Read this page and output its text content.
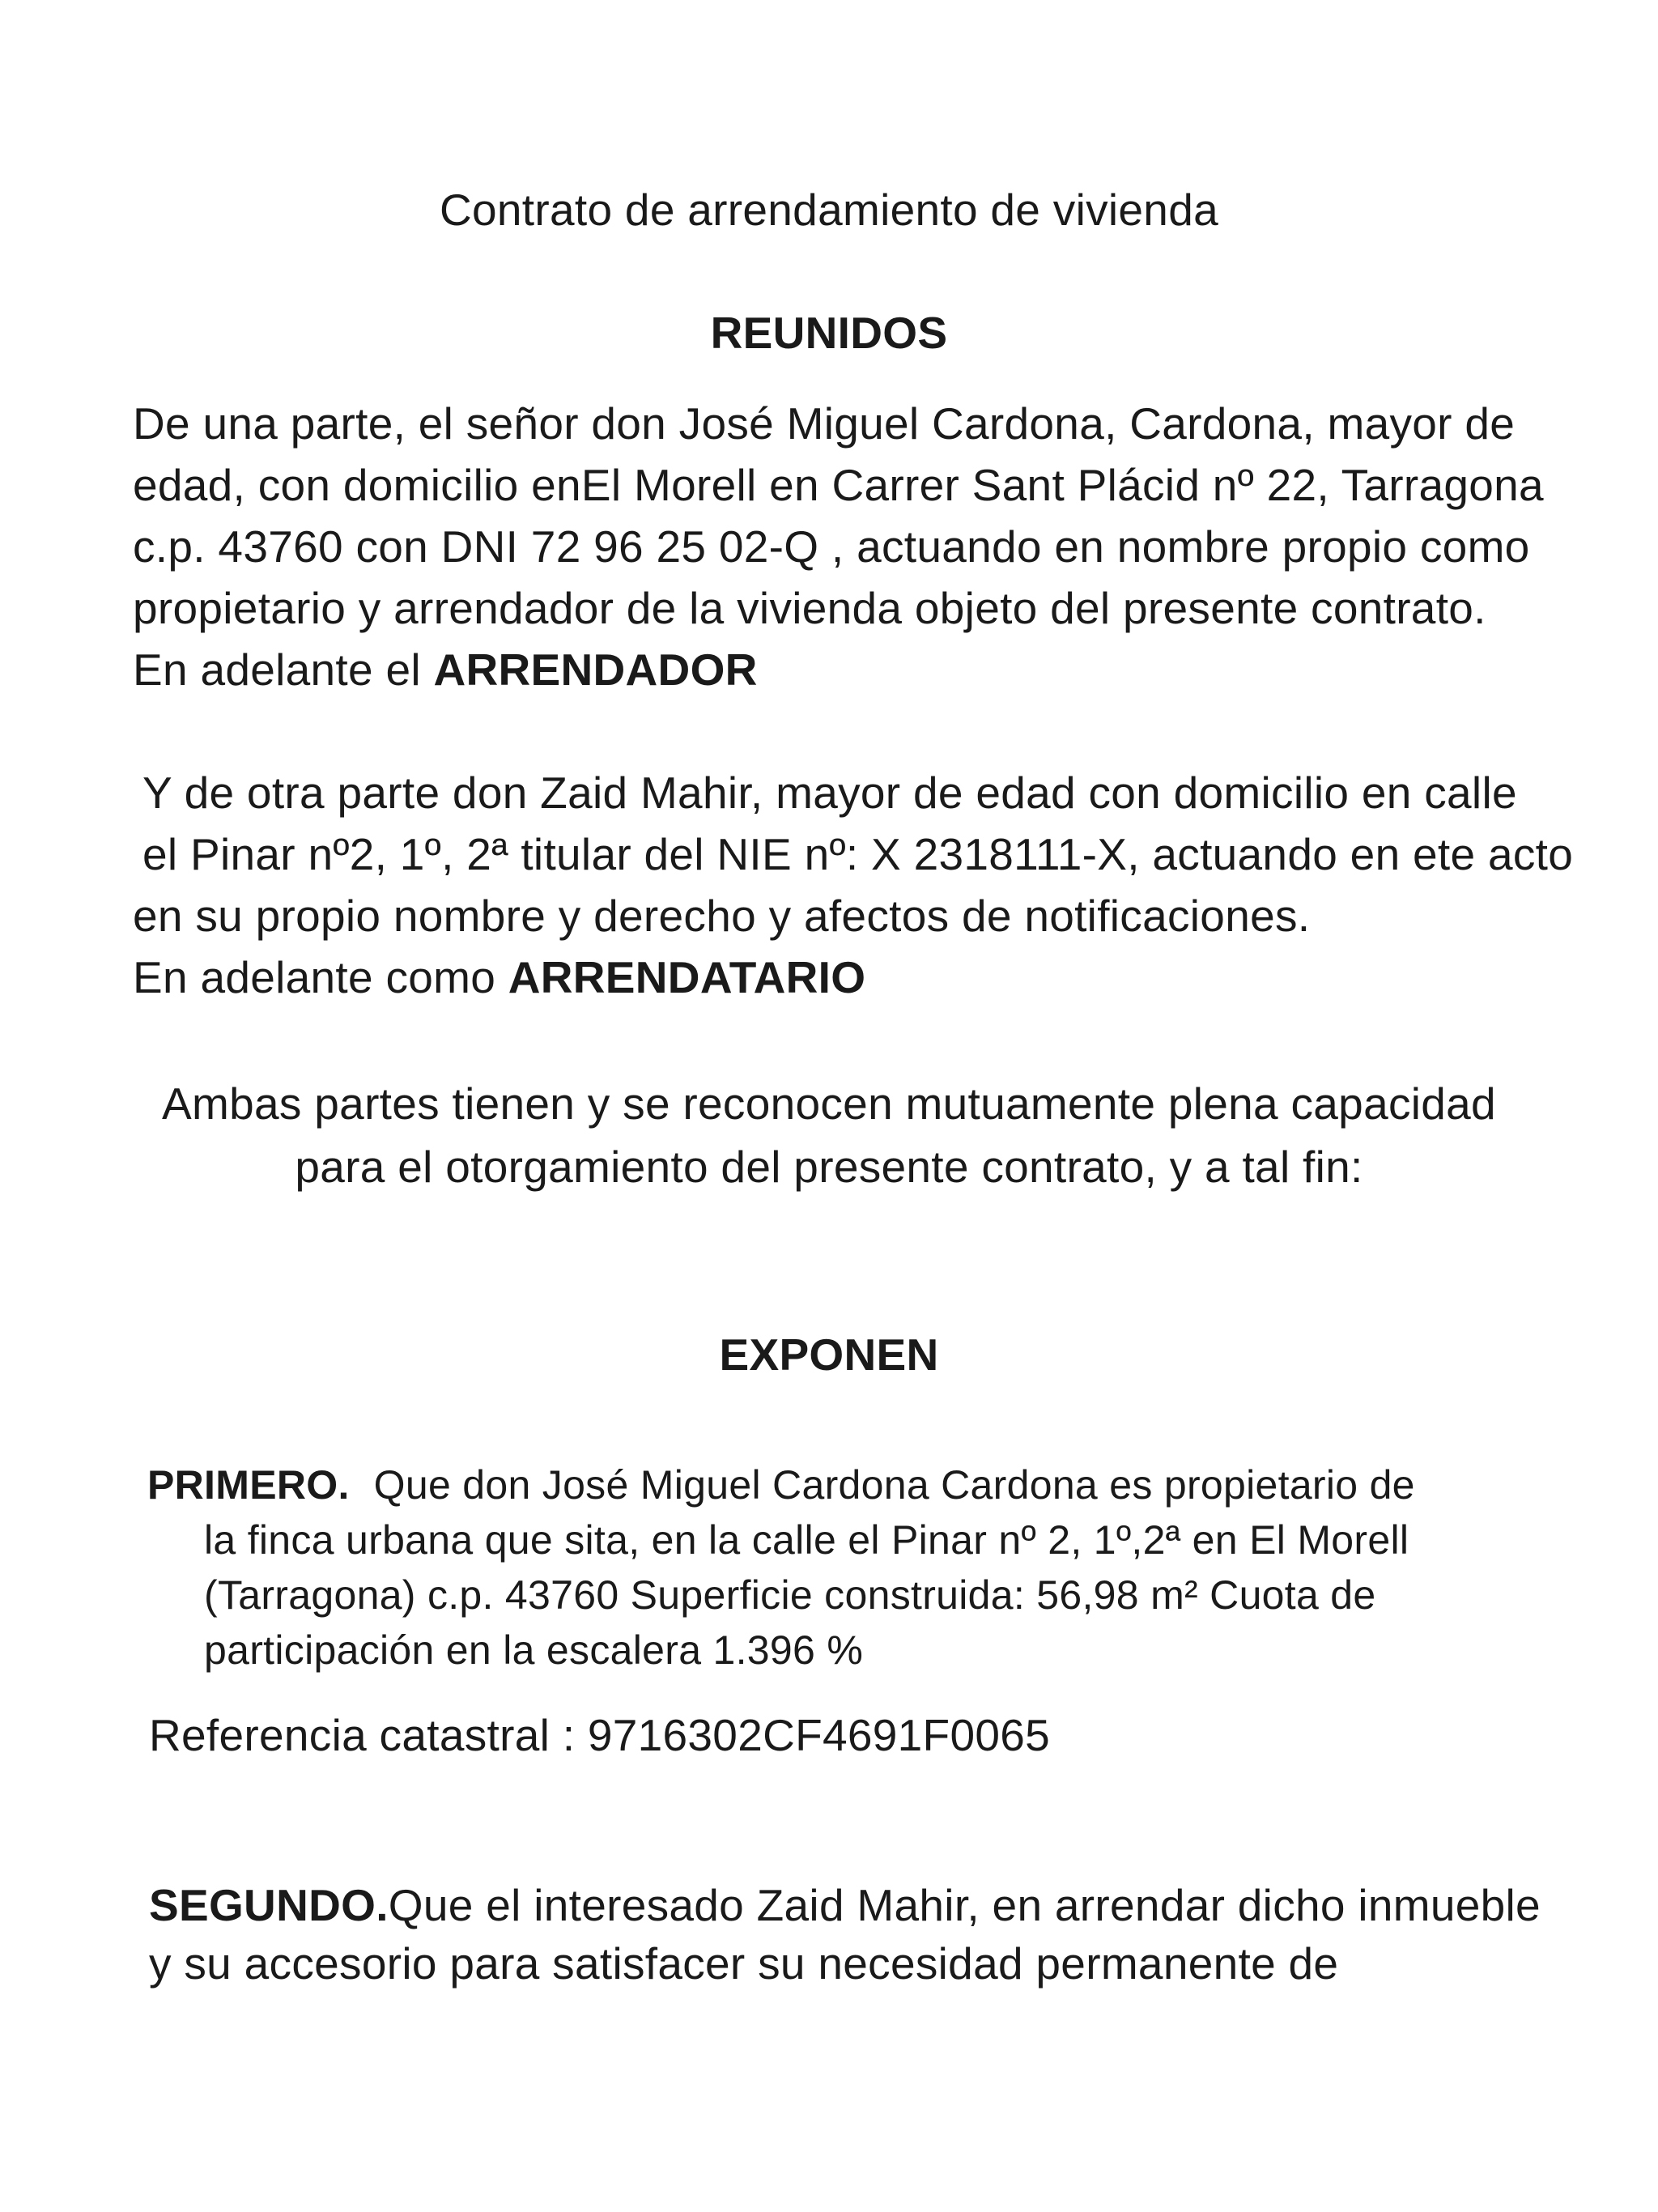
Contrato de arrendamiento de vivienda
REUNIDOS
De una parte, el señor don José Miguel Cardona, Cardona, mayor de
edad, con domicilio enEl Morell en Carrer Sant Plácid nº 22, Tarragona
c.p. 43760 con DNI 72 96 25 02-Q , actuando en nombre propio como
propietario y arrendador de la vivienda objeto del presente contrato.
En adelante el ARRENDADOR
Y de otra parte don Zaid Mahir, mayor de edad con domicilio en calle
el Pinar nº2, 1º, 2ª titular del NIE nº: X 2318111-X, actuando en ete acto
en su propio nombre y derecho y afectos de notificaciones.
En adelante como ARRENDATARIO
Ambas partes tienen y se reconocen mutuamente plena capacidad
para el otorgamiento del presente contrato, y a tal fin:
EXPONEN
PRIMERO. Que don José Miguel Cardona Cardona es propietario de
la finca urbana que sita, en la calle el Pinar nº 2, 1º,2ª en El Morell
(Tarragona) c.p. 43760 Superficie construida: 56,98 m² Cuota de
participación en la escalera 1.396 %
Referencia catastral : 9716302CF4691F0065
SEGUNDO.Que el interesado Zaid Mahir, en arrendar dicho inmueble
y su accesorio para satisfacer su necesidad permanente de
